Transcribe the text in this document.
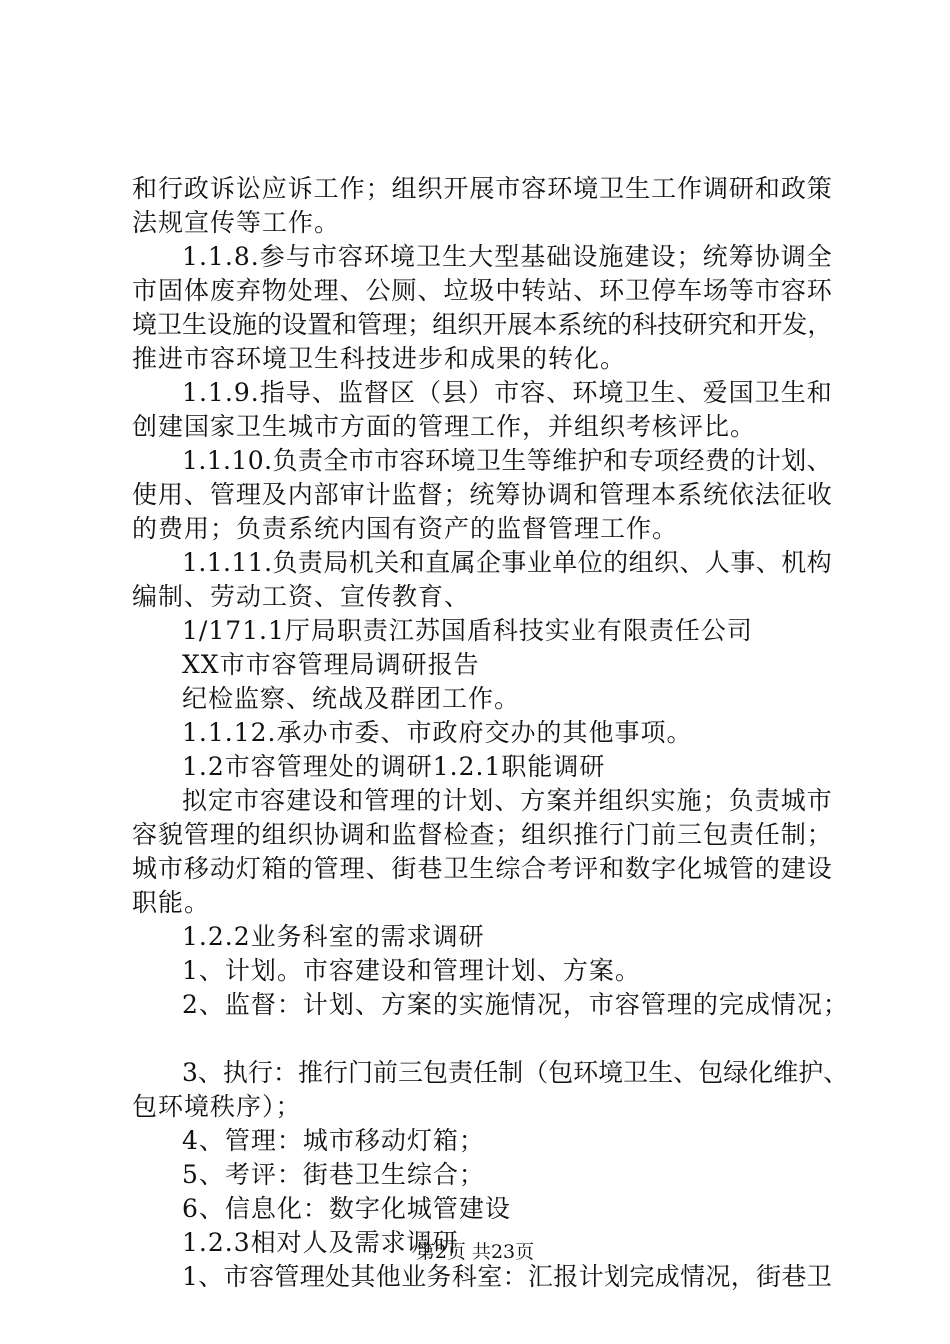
和 行 政 诉 讼 应 诉 工 作 ； 组 织 开 展 市 容 环 境 卫 生 工 作 调 研 和 政 策
法规宣传等工作。
1 . 1 . 8 . 参 与 市 容 环 境 卫 生 大 型 基 础 设 施 建 设 ； 统 筹 协 调 全
市 固 体 废 弃 物 处 理 、 公 厕 、 垃 圾 中 转 站 、 环 卫 停 车 场 等 市 容 环
境 卫 生 设 施 的 设 置 和 管 理 ； 组 织 开 展 本 系 统 的 科 技 研 究 和 开 发 ，
推进市容环境卫生科技进步和成果的转化。
1 . 1 . 9 . 指 导 、 监 督 区 （ 县 ） 市 容 、 环 境 卫 生 、 爱 国 卫 生 和
创建国家卫生城市方面的管理工作，并组织考核评比。
1 . 1 . 1 0 . 负 责 全 市 市 容 环 境 卫 生 等 维 护 和 专 项 经 费 的 计 划 、
使 用 、 管 理 及 内 部 审 计 监 督 ； 统 筹 协 调 和 管 理 本 系 统 依 法 征 收
的费用；负责系统内国有资产的监督管理工作。
1 . 1 . 1 1 . 负 责 局 机 关 和 直 属 企 事 业 单 位 的 组 织 、 人 事 、 机 构
编制、劳动工资、宣传教育、
1/171.1厅局职责江苏国盾科技实业有限责任公司
XX市市容管理局调研报告
纪检监察、统战及群团工作。
1.1.12.承办市委、市政府交办的其他事项。
1.2市容管理处的调研1.2.1职能调研
拟 定 市 容 建 设 和 管 理 的 计 划 、 方 案 并 组 织 实 施 ； 负 责 城 市
容 貌 管 理 的 组 织 协 调 和 监 督 检 查 ； 组 织 推 行 门 前 三 包 责 任 制 ；
城 市 移 动 灯 箱 的 管 理 、 街 巷 卫 生 综 合 考 评 和 数 字 化 城 管 的 建 设
职能。
1.2.2业务科室的需求调研
1、计划。市容建设和管理计划、方案。
2、监督：计划、方案的实施情况，市容管理的完成情况；
3 、 执 行 ： 推 行 门 前 三 包 责 任 制 （ 包 环 境 卫 生 、 包 绿 化 维 护 、
包环境秩序）；
4、管理：城市移动灯箱；
5、考评：街巷卫生综合；
6、信息化：数字化城管建设
1.2.3相对人及需求调研
1 、 市 容 管 理 处 其 他 业 务 科 室 ： 汇 报 计 划 完 成 情 况 ， 街 巷 卫
第2页 共23页
